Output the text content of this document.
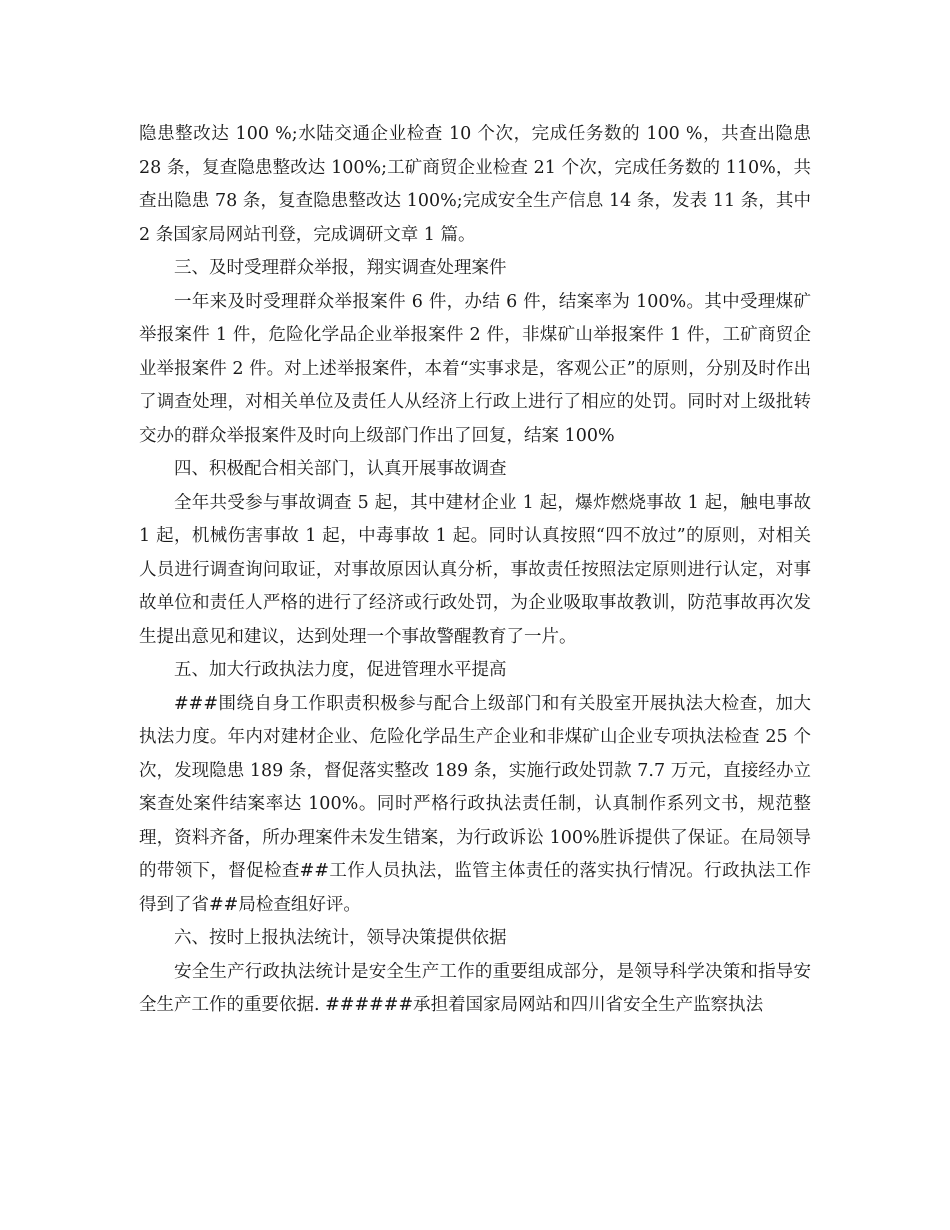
隐患整改达 100 %;水陆交通企业检查 10 个次，完成任务数的 100 %，共查出隐患 28 条，复查隐患整改达 100%;工矿商贸企业检查 21 个次，完成任务数的 110%，共查出隐患 78 条，复查隐患整改达 100%;完成安全生产信息 14 条，发表 11 条，其中 2 条国家局网站刊登，完成调研文章 1 篇。

三、及时受理群众举报，翔实调查处理案件

一年来及时受理群众举报案件 6 件，办结 6 件，结案率为 100%。其中受理煤矿举报案件 1 件，危险化学品企业举报案件 2 件，非煤矿山举报案件 1 件，工矿商贸企业举报案件 2 件。对上述举报案件，本着“实事求是，客观公正”的原则，分别及时作出了调查处理，对相关单位及责任人从经济上行政上进行了相应的处罚。同时对上级批转交办的群众举报案件及时向上级部门作出了回复，结案 100%

四、积极配合相关部门，认真开展事故调查

全年共受参与事故调查 5 起，其中建材企业 1 起，爆炸燃烧事故 1 起，触电事故 1 起，机械伤害事故 1 起，中毒事故 1 起。同时认真按照“四不放过”的原则，对相关人员进行调查询问取证，对事故原因认真分析，事故责任按照法定原则进行认定，对事故单位和责任人严格的进行了经济或行政处罚，为企业吸取事故教训，防范事故再次发生提出意见和建议，达到处理一个事故警醒教育了一片。

五、加大行政执法力度，促进管理水平提高

###围绕自身工作职责积极参与配合上级部门和有关股室开展执法大检查，加大执法力度。年内对建材企业、危险化学品生产企业和非煤矿山企业专项执法检查 25 个次，发现隐患 189 条，督促落实整改 189 条，实施行政处罚款 7.7 万元，直接经办立案查处案件结案率达 100%。同时严格行政执法责任制，认真制作系列文书，规范整理，资料齐备，所办理案件未发生错案，为行政诉讼 100%胜诉提供了保证。在局领导的带领下，督促检查##工作人员执法，监管主体责任的落实执行情况。行政执法工作得到了省##局检查组好评。

六、按时上报执法统计，领导决策提供依据

安全生产行政执法统计是安全生产工作的重要组成部分，是领导科学决策和指导安全生产工作的重要依据. ######承担着国家局网站和四川省安全生产监察执法
